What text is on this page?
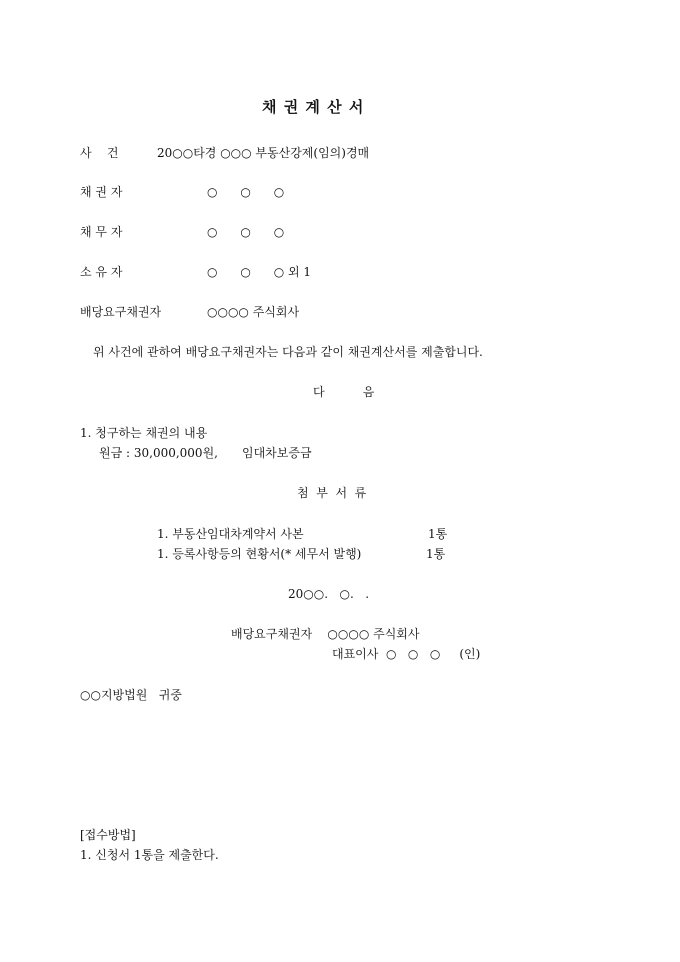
채 권 계 산 서
사    건	20○○타경 ○○○ 부동산강제(임의)경매
채 권 자	○      ○      ○
채 무 자	○      ○      ○
소 유 자	○      ○      ○ 외 1
배당요구채권자	○○○○ 주식회사
위 사건에 관하여 배당요구채권자는 다음과 같이 채권계산서를 제출합니다.
다          음
1. 청구하는 채권의 내용
원금 : 30,000,000원, 임대차보증금
첨  부  서  류
1. 부동산임대차계약서 사본	1통
1. 등록사항등의 현황서(* 세무서 발행)	1통
20○○.   ○.   .
배당요구채권자    ○○○○ 주식회사
대표이사  ○   ○   ○     (인)
○○지방법원   귀중
[접수방법]
1. 신청서 1통을 제출한다.
